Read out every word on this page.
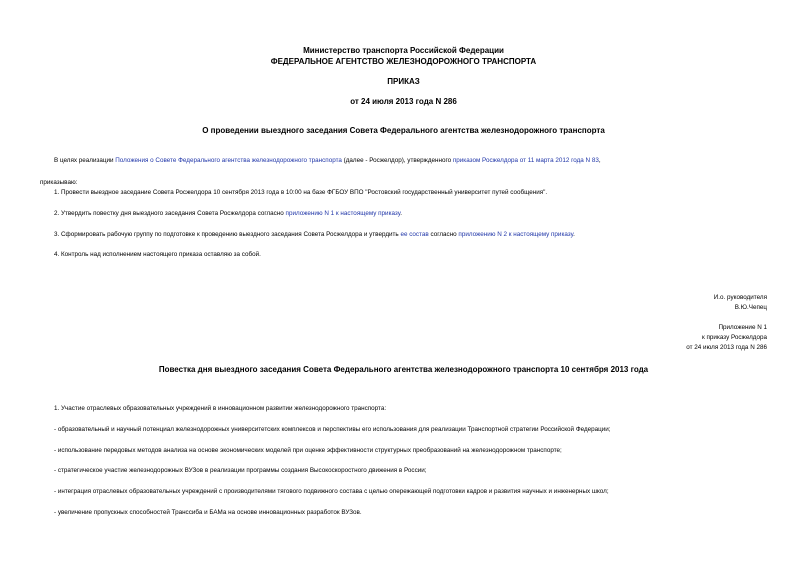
Министерство транспорта Российской Федерации
ФЕДЕРАЛЬНОЕ АГЕНТСТВО ЖЕЛЕЗНОДОРОЖНОГО ТРАНСПОРТА
ПРИКАЗ
от 24 июля 2013 года N 286
О проведении выездного заседания Совета Федерального агентства железнодорожного транспорта
В целях реализации Положения о Совете Федерального агентства железнодорожного транспорта (далее - Росжелдор), утвержденного приказом Росжелдора от 11 марта 2012 года N 83,
приказываю:
1. Провести выездное заседание Совета Росжелдора 10 сентября 2013 года в 10:00 на базе ФГБОУ ВПО "Ростовский государственный университет путей сообщения".
2. Утвердить повестку дня выездного заседания Совета Росжелдора согласно приложению N 1 к настоящему приказу.
3. Сформировать рабочую группу по подготовке к проведению выездного заседания Совета Росжелдора и утвердить ее состав согласно приложению N 2 к настоящему приказу.
4. Контроль над исполнением настоящего приказа оставляю за собой.
И.о. руководителя
В.Ю.Чепец
Приложение N 1
к приказу Росжелдора
от 24 июля 2013 года N 286
Повестка дня выездного заседания Совета Федерального агентства железнодорожного транспорта 10 сентября 2013 года
1. Участие отраслевых образовательных учреждений в инновационном развитии железнодорожного транспорта:
- образовательный и научный потенциал железнодорожных университетских комплексов и перспективы его использования для реализации Транспортной стратегии Российской Федерации;
- использование передовых методов анализа на основе экономических моделей при оценке эффективности структурных преобразований на железнодорожном транспорте;
- стратегическое участие железнодорожных ВУЗов в реализации программы создания Высокоскоростного движения в России;
- интеграция отраслевых образовательных учреждений с производителями тягового подвижного состава с целью опережающей подготовки кадров и развития научных и инженерных школ;
- увеличение пропускных способностей Транссиба и БАМа на основе инновационных разработок ВУЗов.
